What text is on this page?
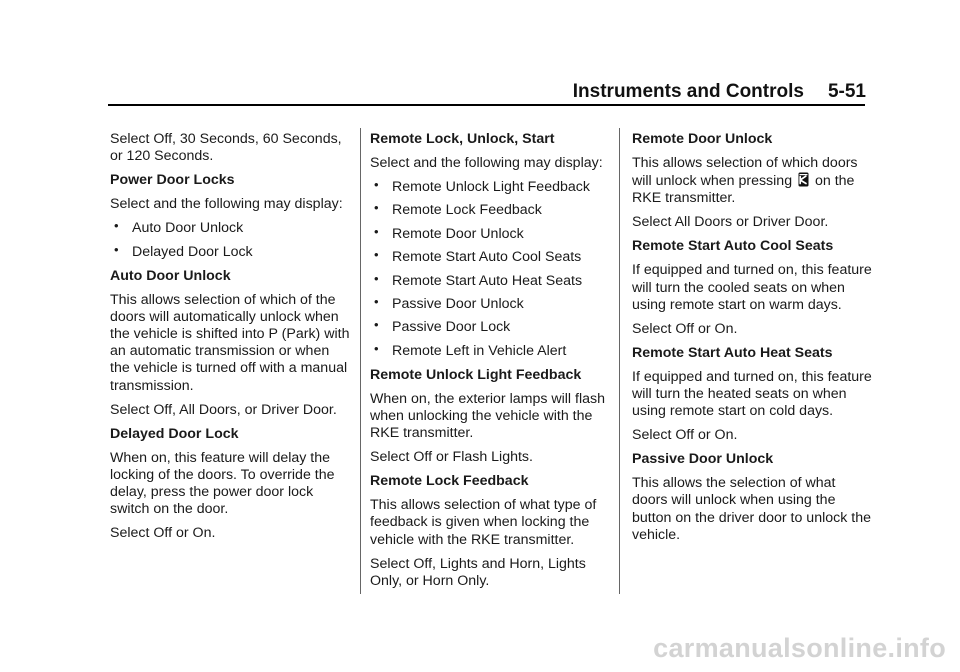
Instruments and Controls 5-51

Select Off, 30 Seconds, 60 Seconds, or 120 Seconds.

Power Door Locks

Select and the following may display:

• Auto Door Unlock
• Delayed Door Lock

Auto Door Unlock

This allows selection of which of the doors will automatically unlock when the vehicle is shifted into P (Park) with an automatic transmission or when the vehicle is turned off with a manual transmission.

Select Off, All Doors, or Driver Door.

Delayed Door Lock

When on, this feature will delay the locking of the doors. To override the delay, press the power door lock switch on the door.

Select Off or On.

Remote Lock, Unlock, Start

Select and the following may display:

• Remote Unlock Light Feedback
• Remote Lock Feedback
• Remote Door Unlock
• Remote Start Auto Cool Seats
• Remote Start Auto Heat Seats
• Passive Door Unlock
• Passive Door Lock
• Remote Left in Vehicle Alert

Remote Unlock Light Feedback

When on, the exterior lamps will flash when unlocking the vehicle with the RKE transmitter.

Select Off or Flash Lights.

Remote Lock Feedback

This allows selection of what type of feedback is given when locking the vehicle with the RKE transmitter.

Select Off, Lights and Horn, Lights Only, or Horn Only.

Remote Door Unlock

This allows selection of which doors will unlock when pressing on the RKE transmitter.

Select All Doors or Driver Door.

Remote Start Auto Cool Seats

If equipped and turned on, this feature will turn the cooled seats on when using remote start on warm days.

Select Off or On.

Remote Start Auto Heat Seats

If equipped and turned on, this feature will turn the heated seats on when using remote start on cold days.

Select Off or On.

Passive Door Unlock

This allows the selection of what doors will unlock when using the button on the driver door to unlock the vehicle.

carmanualsonline.info
